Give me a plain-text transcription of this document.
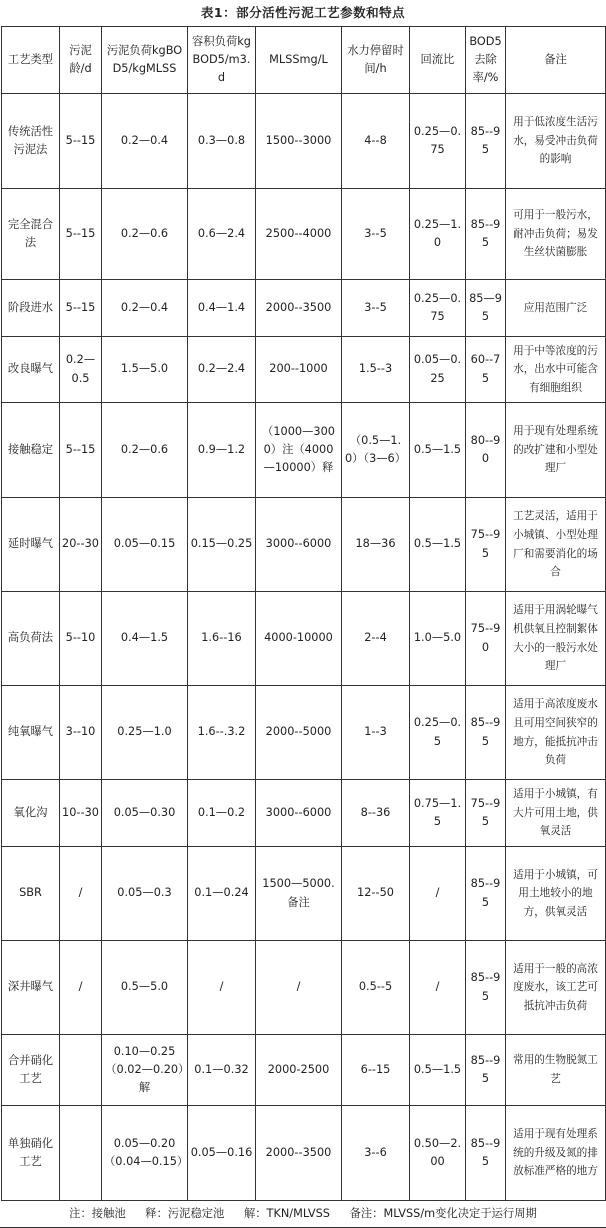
表1：部分活性污泥工艺参数和特点
工艺类型	污泥龄/d	污泥负荷kgBOD5/kgMLSS	容积负荷kgBOD5/m3.d	MLSSmg/L	水力停留时间/h	回流比	BOD5去除率/%	备注
传统活性污泥法	5--15	0.2—0.4	0.3—0.8	1500--3000	4--8	0.25—0.75	85--95	用于低浓度生活污水，易受冲击负荷的影响
完全混合法	5--15	0.2—0.6	0.6—2.4	2500--4000	3--5	0.25—1.0	85--95	可用于一般污水，耐冲击负荷；易发生丝状菌膨胀
阶段进水	5--15	0.2—0.4	0.4—1.4	2000--3500	3--5	0.25—0.75	85—95	应用范围广泛
改良曝气	0.2—0.5	1.5—5.0	0.2—2.4	200--1000	1.5--3	0.05—0.25	60--75	用于中等浓度的污水，出水中可能含有细胞组织
接触稳定	5--15	0.2—0.6	0.9—1.2	（1000—3000）注（4000—10000）释	（0.5—1.0）（3—6）	0.5—1.5	80--90	用于现有处理系统的改扩建和小型处理厂
延时曝气	20--30	0.05—0.15	0.15—0.25	3000--6000	18—36	0.5—1.5	75--95	工艺灵活，适用于小城镇、小型处理厂和需要消化的场合
高负荷法	5--10	0.4—1.5	1.6--16	4000-10000	2--4	1.0—5.0	75--90	适用于用涡轮曝气机供氧且控制絮体大小的一般污水处理厂
纯氧曝气	3--10	0.25—1.0	1.6--.3.2	2000--5000	1--3	0.25—0.5	85--95	适用于高浓度废水且可用空间狭窄的地方，能抵抗冲击负荷
氧化沟	10--30	0.05—0.30	0.1—0.2	3000--6000	8--36	0.75—1.5	75--95	适用于小城镇，有大片可用土地，供氧灵活
SBR	/	0.05—0.3	0.1—0.24	1500—5000.备注	12--50	/	85--95	适用于小城镇，可用土地较小的地方，供氧灵活
深井曝气	/	0.5—5.0	/	/	0.5--5	/	85--95	适用于一般的高浓度废水，该工艺可抵抗冲击负荷
合并硝化工艺		0.10—0.25（0.02—0.20）解	0.1—0.32	2000-2500	6--15	0.5—1.5	85--95	常用的生物脱氮工艺
单独硝化工艺		0.05—0.20（0.04—0.15）	0.05—0.16	2000--3500	3--6	0.50—2.00	85--95	适用于现有处理系统的升级及氮的排放标准严格的地方
注：接触池 释：污泥稳定池 解：TKN/MLVSS 备注：MLVSS/m变化决定于运行周期
